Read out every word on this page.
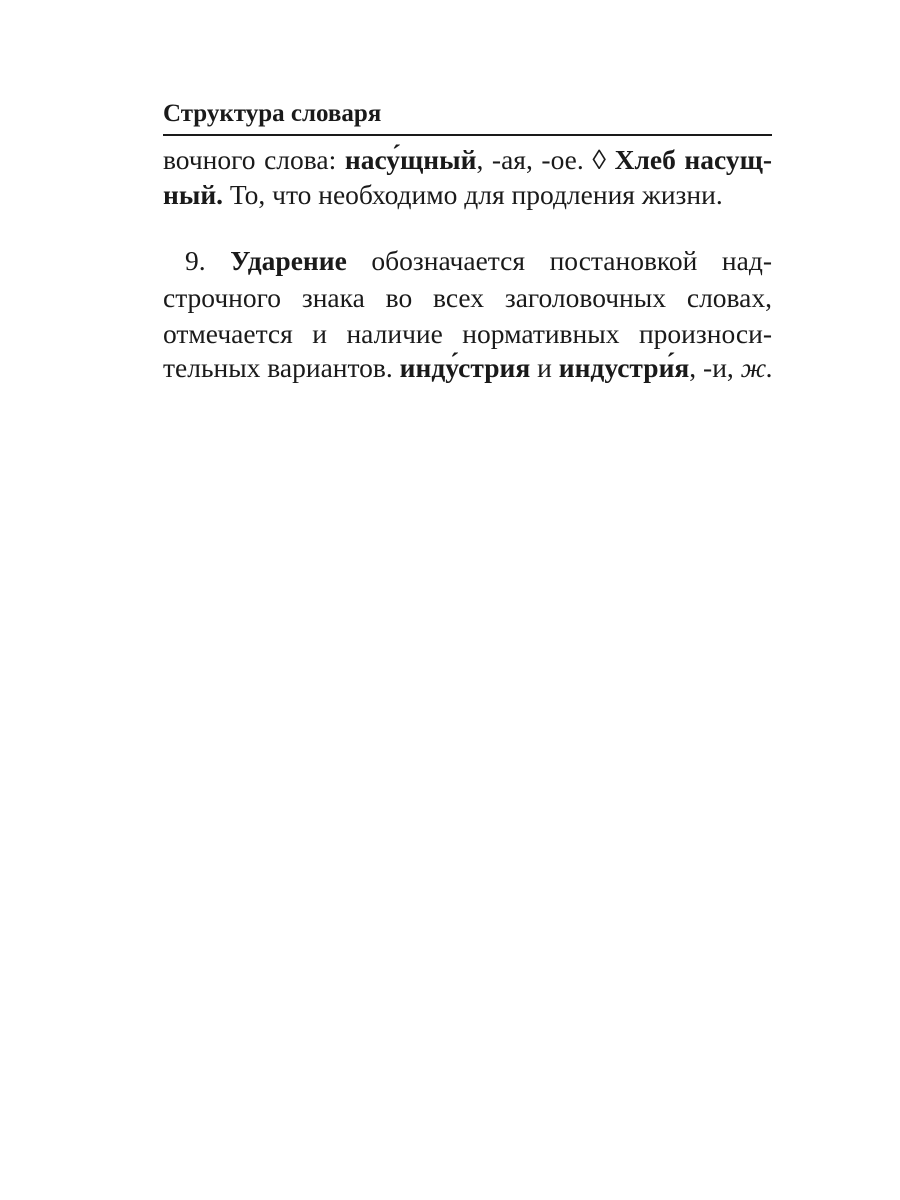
Структура словаря
вочного слова: насу́щный, -ая, -ое. ◊ Хлеб насущ-
ный. То, что необходимо для продления жизни.
9. Ударение обозначается постановкой над-
строчного знака во всех заголовочных словах,
отмечается и наличие нормативных произноси-
тельных вариантов. инду́стрия и индустри́я, -и, ж.
